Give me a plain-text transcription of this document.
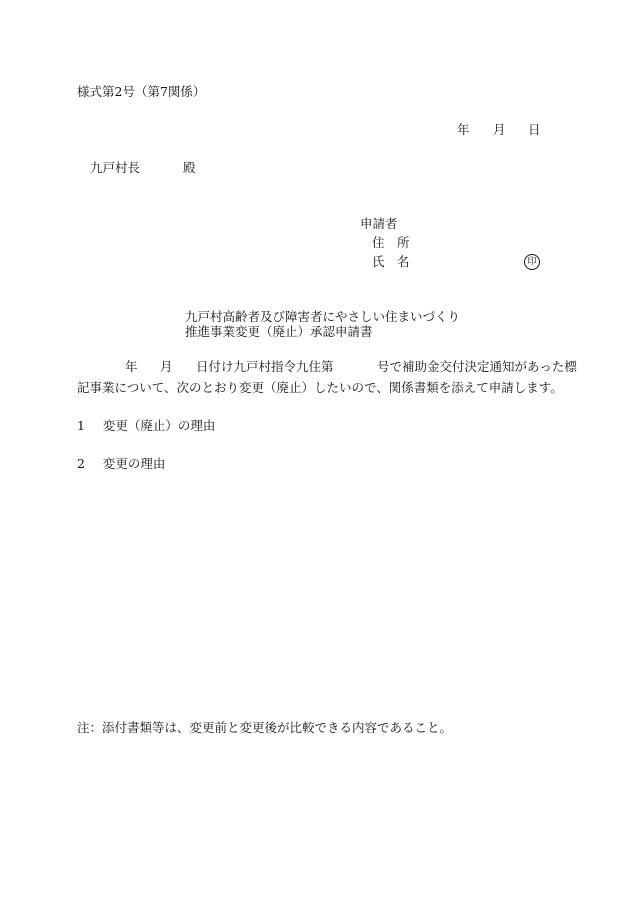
様式第2号（第7関係）
年 月 日
九戸村長	殿
申請者
住　所
氏　名	印
九戸村高齢者及び障害者にやさしい住まいづくり
推進事業変更（廃止）承認申請書
年 月 日付け九戸村指令九住第	号で補助金交付決定通知があった標
記事業について、次のとおり変更（廃止）したいので、関係書類を添えて申請します。
1 変更（廃止）の理由
2 変更の理由
注：添付書類等は、変更前と変更後が比較できる内容であること。
